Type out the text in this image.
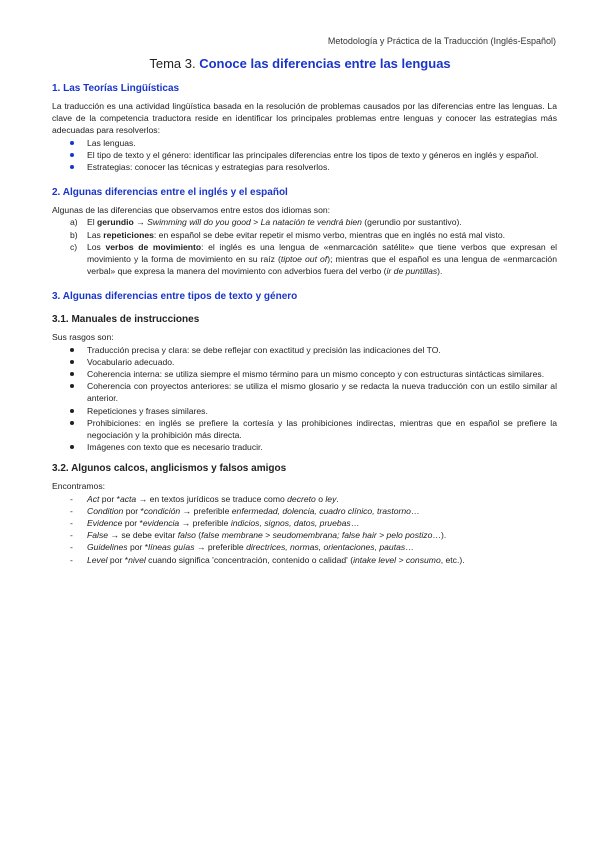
Metodología y Práctica de la Traducción (Inglés-Español)
Tema 3. Conoce las diferencias entre las lenguas
1. Las Teorías Lingüísticas

La traducción es una actividad lingüística basada en la resolución de problemas causados por las diferencias entre las lenguas. La clave de la competencia traductora reside en identificar los principales problemas entre lenguas y conocer las estrategias más adecuadas para resolverlos:

Las lenguas.
El tipo de texto y el género: identificar las principales diferencias entre los tipos de texto y géneros en inglés y español.
Estrategias: conocer las técnicas y estrategias para resolverlos.
2. Algunas diferencias entre el inglés y el español

Algunas de las diferencias que observamos entre estos dos idiomas son:

a) El gerundio → Swimming will do you good > La natación te vendrá bien (gerundio por sustantivo).
b) Las repeticiones: en español se debe evitar repetir el mismo verbo, mientras que en inglés no está mal visto.
c) Los verbos de movimiento: el inglés es una lengua de «enmarcación satélite» que tiene verbos que expresan el movimiento y la forma de movimiento en su raíz (tiptoe out of); mientras que el español es una lengua de «enmarcación verbal» que expresa la manera del movimiento con adverbios fuera del verbo (ir de puntillas).
3. Algunas diferencias entre tipos de texto y género
3.1. Manuales de instrucciones

Sus rasgos son:

Traducción precisa y clara: se debe reflejar con exactitud y precisión las indicaciones del TO.
Vocabulario adecuado.
Coherencia interna: se utiliza siempre el mismo término para un mismo concepto y con estructuras sintácticas similares.
Coherencia con proyectos anteriores: se utiliza el mismo glosario y se redacta la nueva traducción con un estilo similar al anterior.
Repeticiones y frases similares.
Prohibiciones: en inglés se prefiere la cortesía y las prohibiciones indirectas, mientras que en español se prefiere la negociación y la prohibición más directa.
Imágenes con texto que es necesario traducir.
3.2. Algunos calcos, anglicismos y falsos amigos

Encontramos:

- Act por *acta → en textos jurídicos se traduce como decreto o ley.
- Condition por *condición → preferible enfermedad, dolencia, cuadro clínico, trastorno…
- Evidence por *evidencia → preferible indicios, signos, datos, pruebas…
- False → se debe evitar falso (false membrane > seudomembrana; false hair > pelo postizo…).
- Guidelines por *líneas guías → preferible directrices, normas, orientaciones, pautas…
- Level por *nivel cuando significa 'concentración, contenido o calidad' (intake level > consumo, etc.).
